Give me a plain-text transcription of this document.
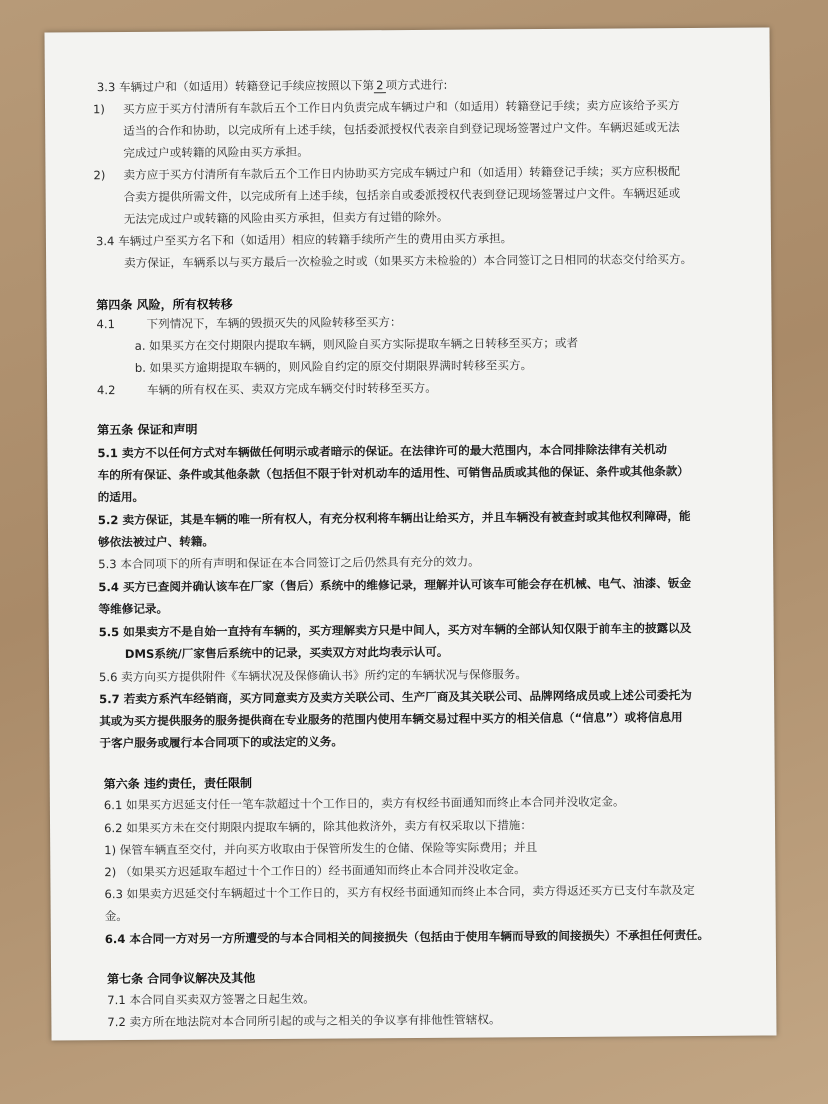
3.3 车辆过户和（如适用）转籍登记手续应按照以下第 2 项方式进行:
1) 买方应于买方付清所有车款后五个工作日内负责完成车辆过户和（如适用）转籍登记手续；卖方应该给予买方
适当的合作和协助，以完成所有上述手续，包括委派授权代表亲自到登记现场签署过户文件。车辆迟延或无法
完成过户或转籍的风险由买方承担。
2) 卖方应于买方付清所有车款后五个工作日内协助买方完成车辆过户和（如适用）转籍登记手续；买方应积极配
合卖方提供所需文件，以完成所有上述手续，包括亲自或委派授权代表到登记现场签署过户文件。车辆迟延或
无法完成过户或转籍的风险由买方承担，但卖方有过错的除外。
3.4 车辆过户至买方名下和（如适用）相应的转籍手续所产生的费用由买方承担。
卖方保证，车辆系以与买方最后一次检验之时或（如果买方未检验的）本合同签订之日相同的状态交付给买方。
第四条 风险，所有权转移
4.1	下列情况下，车辆的毁损灭失的风险转移至买方：
a. 如果买方在交付期限内提取车辆，则风险自买方实际提取车辆之日转移至买方；或者
b. 如果买方逾期提取车辆的，则风险自约定的原交付期限界满时转移至买方。
4.2	车辆的所有权在买、卖双方完成车辆交付时转移至买方。
第五条 保证和声明
5.1 卖方不以任何方式对车辆做任何明示或者暗示的保证。在法律许可的最大范围内，本合同排除法律有关机动
车的所有保证、条件或其他条款（包括但不限于针对机动车的适用性、可销售品质或其他的保证、条件或其他条款）
的适用。
5.2 卖方保证，其是车辆的唯一所有权人，有充分权利将车辆出让给买方，并且车辆没有被查封或其他权利障碍，能
够依法被过户、转籍。
5.3 本合同项下的所有声明和保证在本合同签订之后仍然具有充分的效力。
5.4 买方已查阅并确认该车在厂家（售后）系统中的维修记录，理解并认可该车可能会存在机械、电气、油漆、钣金
等维修记录。
5.5 如果卖方不是自始一直持有车辆的，买方理解卖方只是中间人，买方对车辆的全部认知仅限于前车主的披露以及
DMS系统/厂家售后系统中的记录，买卖双方对此均表示认可。
5.6 卖方向买方提供附件《车辆状况及保修确认书》所约定的车辆状况与保修服务。
5.7 若卖方系汽车经销商，买方同意卖方及卖方关联公司、生产厂商及其关联公司、品牌网络成员或上述公司委托为
其或为买方提供服务的服务提供商在专业服务的范围内使用车辆交易过程中买方的相关信息（“信息”）或将信息用
于客户服务或履行本合同项下的或法定的义务。
第六条 违约责任，责任限制
6.1 如果买方迟延支付任一笔车款超过十个工作日的，卖方有权经书面通知而终止本合同并没收定金。
6.2 如果买方未在交付期限内提取车辆的，除其他救济外，卖方有权采取以下措施：
1) 保管车辆直至交付，并向买方收取由于保管所发生的仓储、保险等实际费用；并且
2) （如果买方迟延取车超过十个工作日的）经书面通知而终止本合同并没收定金。
6.3 如果卖方迟延交付车辆超过十个工作日的，买方有权经书面通知而终止本合同，卖方得返还买方已支付车款及定
金。
6.4 本合同一方对另一方所遭受的与本合同相关的间接损失（包括由于使用车辆而导致的间接损失）不承担任何责任。
第七条 合同争议解决及其他
7.1 本合同自买卖双方签署之日起生效。
7.2 卖方所在地法院对本合同所引起的或与之相关的争议享有排他性管辖权。
